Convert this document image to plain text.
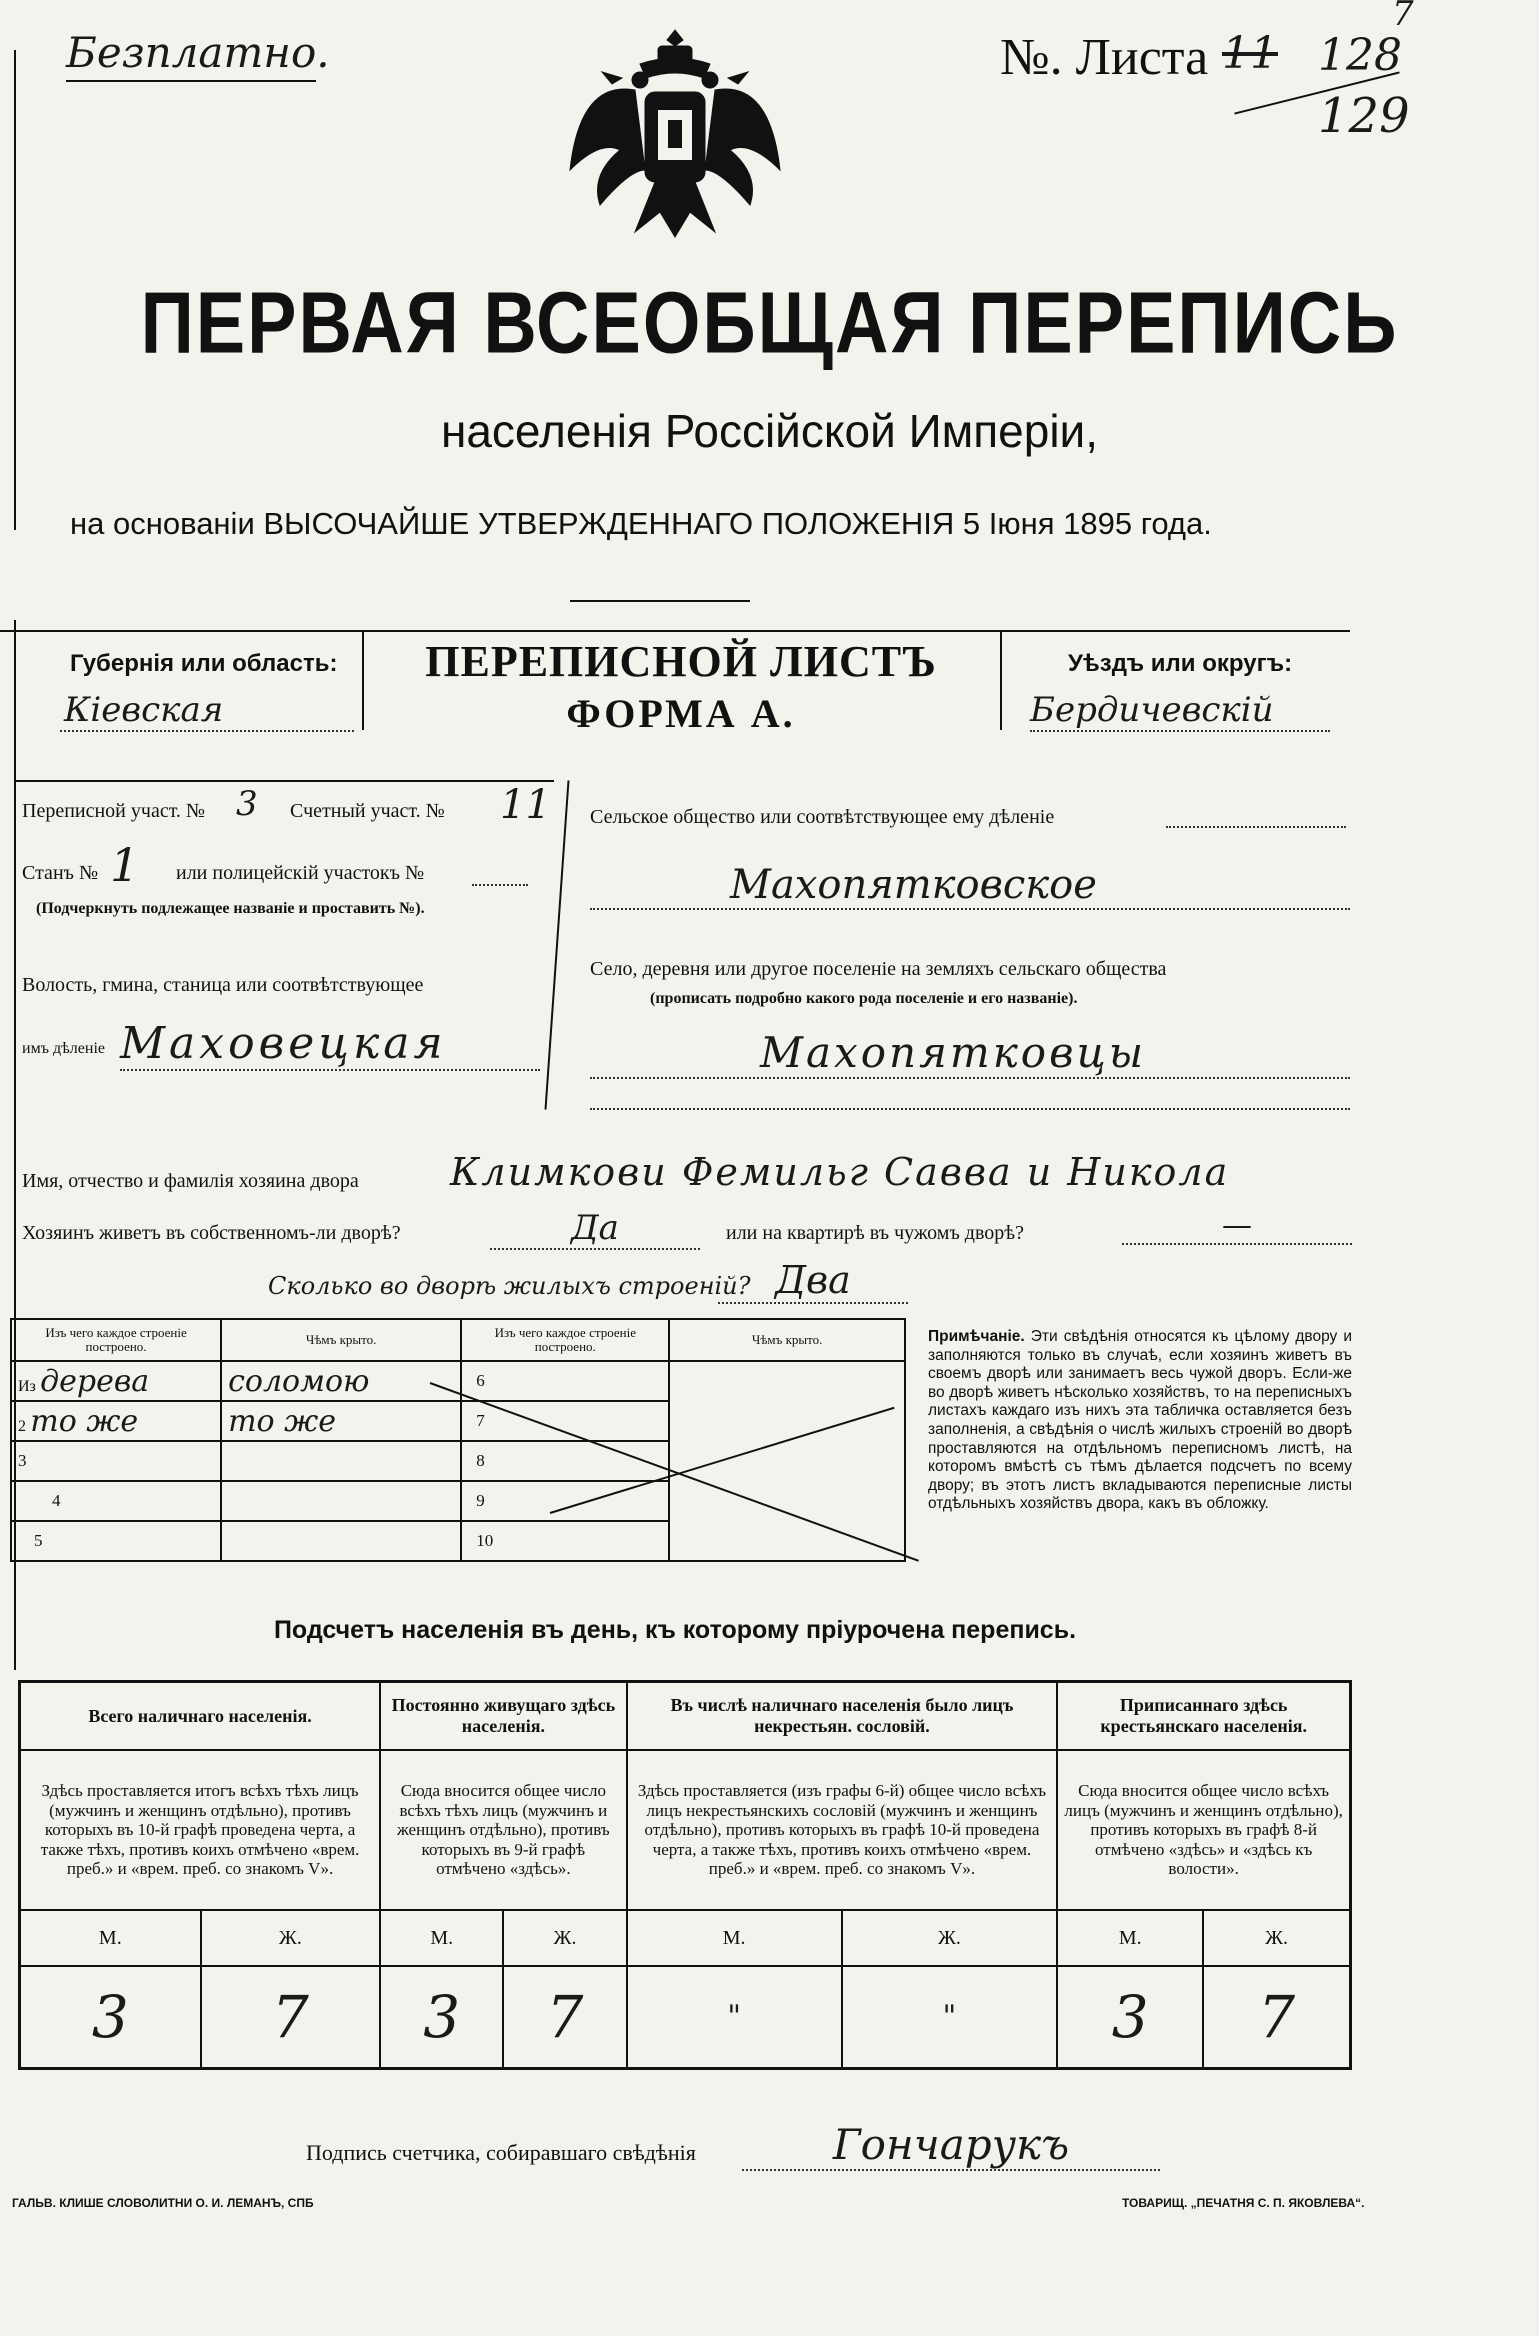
Безплатно.	№. Листа 11 128
129
7
ПЕРВАЯ ВСЕОБЩАЯ ПЕРЕПИСЬ
населенія Россійской Имперіи,
на основаніи ВЫСОЧАЙШЕ УТВЕРЖДЕННАГО ПОЛОЖЕНІЯ 5 Іюня 1895 года.
Губернія или область:
Кіевская
ПЕРЕПИСНОЙ ЛИСТЪ
ФОРМА А.
Уѣздъ или округъ:
Бердичевскій
Переписной участ. № 3 Счетный участ. № 11
Станъ № 1 или полицейскій участокъ №
(Подчеркнуть подлежащее названіе и проставить №).
Волость, гмина, станица или соотвѣтствующее
имъ дѣленіе Маховецкая
Сельское общество или соотвѣтствующее ему дѣленіе
Махопятковское
Село, деревня или другое поселеніе на земляхъ сельскаго общества
(прописать подробно какого рода поселеніе и его названіе).
Махопятковцы
Имя, отчество и фамилія хозяина двора Климкови Фемильг Савва и Никола
Хозяинъ живетъ въ собственномъ-ли дворѣ?	Да	или на квартирѣ въ чужомъ дворѣ?	—
Сколько во дворѣ жилыхъ строеній? Два
Изъ чего каждое строеніе построено.	Чѣмъ крыто.	Изъ чего каждое строеніе построено.	Чѣмъ крыто.
Из дерева	соломою	6	

2 то же	то же	7	
3		8	
4		9	
5		10	
Примѣчаніе. Эти свѣдѣнія относятся къ цѣлому двору и заполняются только въ случаѣ, если хозяинъ живетъ въ своемъ дворѣ или занимаетъ весь чужой дворъ. Если-же во дворѣ живетъ нѣсколько хозяйствъ, то на переписныхъ листахъ каждаго изъ нихъ эта табличка оставляется безъ заполненія, а свѣдѣнія о числѣ жилыхъ строеній во дворѣ проставляются на отдѣльномъ переписномъ листѣ, на которомъ вмѣстѣ съ тѣмъ дѣлается подсчетъ по всему двору; въ этотъ листъ вкладываются переписные листы отдѣльныхъ хозяйствъ двора, какъ въ обложку.
Подсчетъ населенія въ день, къ которому пріурочена перепись.
Всего наличнаго населенія.		Постоянно живущаго здѣсь населенія.		Въ числѣ наличнаго населенія было лицъ некрестьян. сословій.		Приписаннаго здѣсь крестьянскаго населенія.	
Здѣсь проставляется итогъ всѣхъ тѣхъ лицъ (мужчинъ и женщинъ отдѣльно), противъ которыхъ въ 10-й графѣ проведена черта, а также тѣхъ, противъ коихъ отмѣчено «врем. преб.» и «врем. преб. со знакомъ V».		Сюда вносится общее число всѣхъ тѣхъ лицъ (мужчинъ и женщинъ отдѣльно), противъ которыхъ въ 9-й графѣ отмѣчено «здѣсь».		Здѣсь проставляется (изъ графы 6-й) общее число всѣхъ лицъ некрестьянскихъ сословій (мужчинъ и женщинъ отдѣльно), противъ которыхъ въ графѣ 10-й проведена черта, а также тѣхъ, противъ коихъ отмѣчено «врем. преб.» и «врем. преб. со знакомъ V».		Сюда вносится общее число всѣхъ лицъ (мужчинъ и женщинъ отдѣльно), противъ которыхъ въ графѣ 8-й отмѣчено «здѣсь» и «здѣсь къ волости».	
М.	Ж.	М.	Ж.	М.	Ж.	М.	Ж.
3	7	3	7	"	"	3	7
Подпись счетчика, собиравшаго свѣдѣнія	Гончарукъ
ГАЛЬВ. КЛИШЕ СЛОВОЛИТНИ О. И. ЛЕМАНЪ, СПБ	ТОВАРИЩ. „ПЕЧАТНЯ С. П. ЯКОВЛЕВА“.
